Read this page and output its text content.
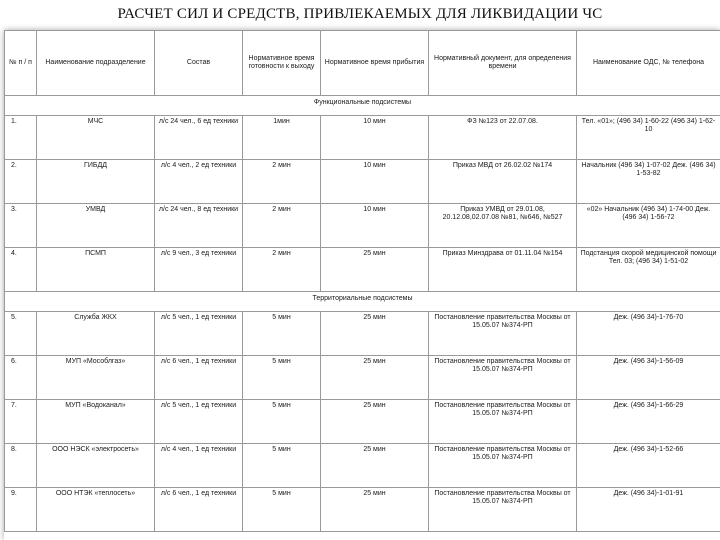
РАСЧЕТ СИЛ И СРЕДСТВ, ПРИВЛЕКАЕМЫХ ДЛЯ ЛИКВИДАЦИИ ЧС
№ п / п	Наименование подразделение	Состав	Нормативное время готовности к выходу	Нормативное время прибытия	Нормативный документ, для определения времени	Наименование ОДС, № телефона
Функциональные подсистемы						
1.	МЧС	л/с 24 чел., 6 ед техники	1мин	10 мин	ФЗ №123 от 22.07.08.	Тел. «01»; (496 34) 1-60-22 (496 34) 1-62-10
2.	ГИБДД	л/с 4 чел., 2 ед техники	2 мин	10 мин	Приказ МВД от 26.02.02 №174	Начальник (496 34) 1-07-02 Деж. (496 34) 1-53-82
3.	УМВД	л/с 24 чел., 8 ед техники	2 мин	10 мин	Приказ УМВД от 29.01.08, 20.12.08,02.07.08 №81, №646, №527	«02» Начальник (496 34) 1-74-00 Деж. (496 34) 1-56-72
4.	ПСМП	л/с 9 чел., 3 ед техники	2 мин	25 мин	Приказ Минздрава от 01.11.04 №154	Подстанция скорой медицинской помощи Тел. 03; (496 34) 1-51-02
Территориальные подсистемы						
5.	Служба ЖКХ	л/с 5 чел., 1 ед техники	5 мин	25 мин	Постановление правительства Москвы от 15.05.07 №374-РП	Деж. (496 34)-1-76-70
6.	МУП «Мособлгаз»	л/с 6 чел., 1 ед техники	5 мин	25 мин	Постановление правительства Москвы от 15.05.07 №374-РП	Деж. (496 34)-1-56-09
7.	МУП «Водоканал»	л/с 5 чел., 1 ед техники	5 мин	25 мин	Постановление правительства Москвы от 15.05.07 №374-РП	Деж. (496 34)-1-66-29
8.	ООО НЭСК «электросеть»	л/с 4 чел., 1 ед техники	5 мин	25 мин	Постановление правительства Москвы от 15.05.07 №374-РП	Деж. (496 34)-1-52-66
9.	ООО НТЭК «теплосеть»	л/с 6 чел., 1 ед техники	5 мин	25 мин	Постановление правительства Москвы от 15.05.07 №374-РП	Деж. (496 34)-1-01-91
